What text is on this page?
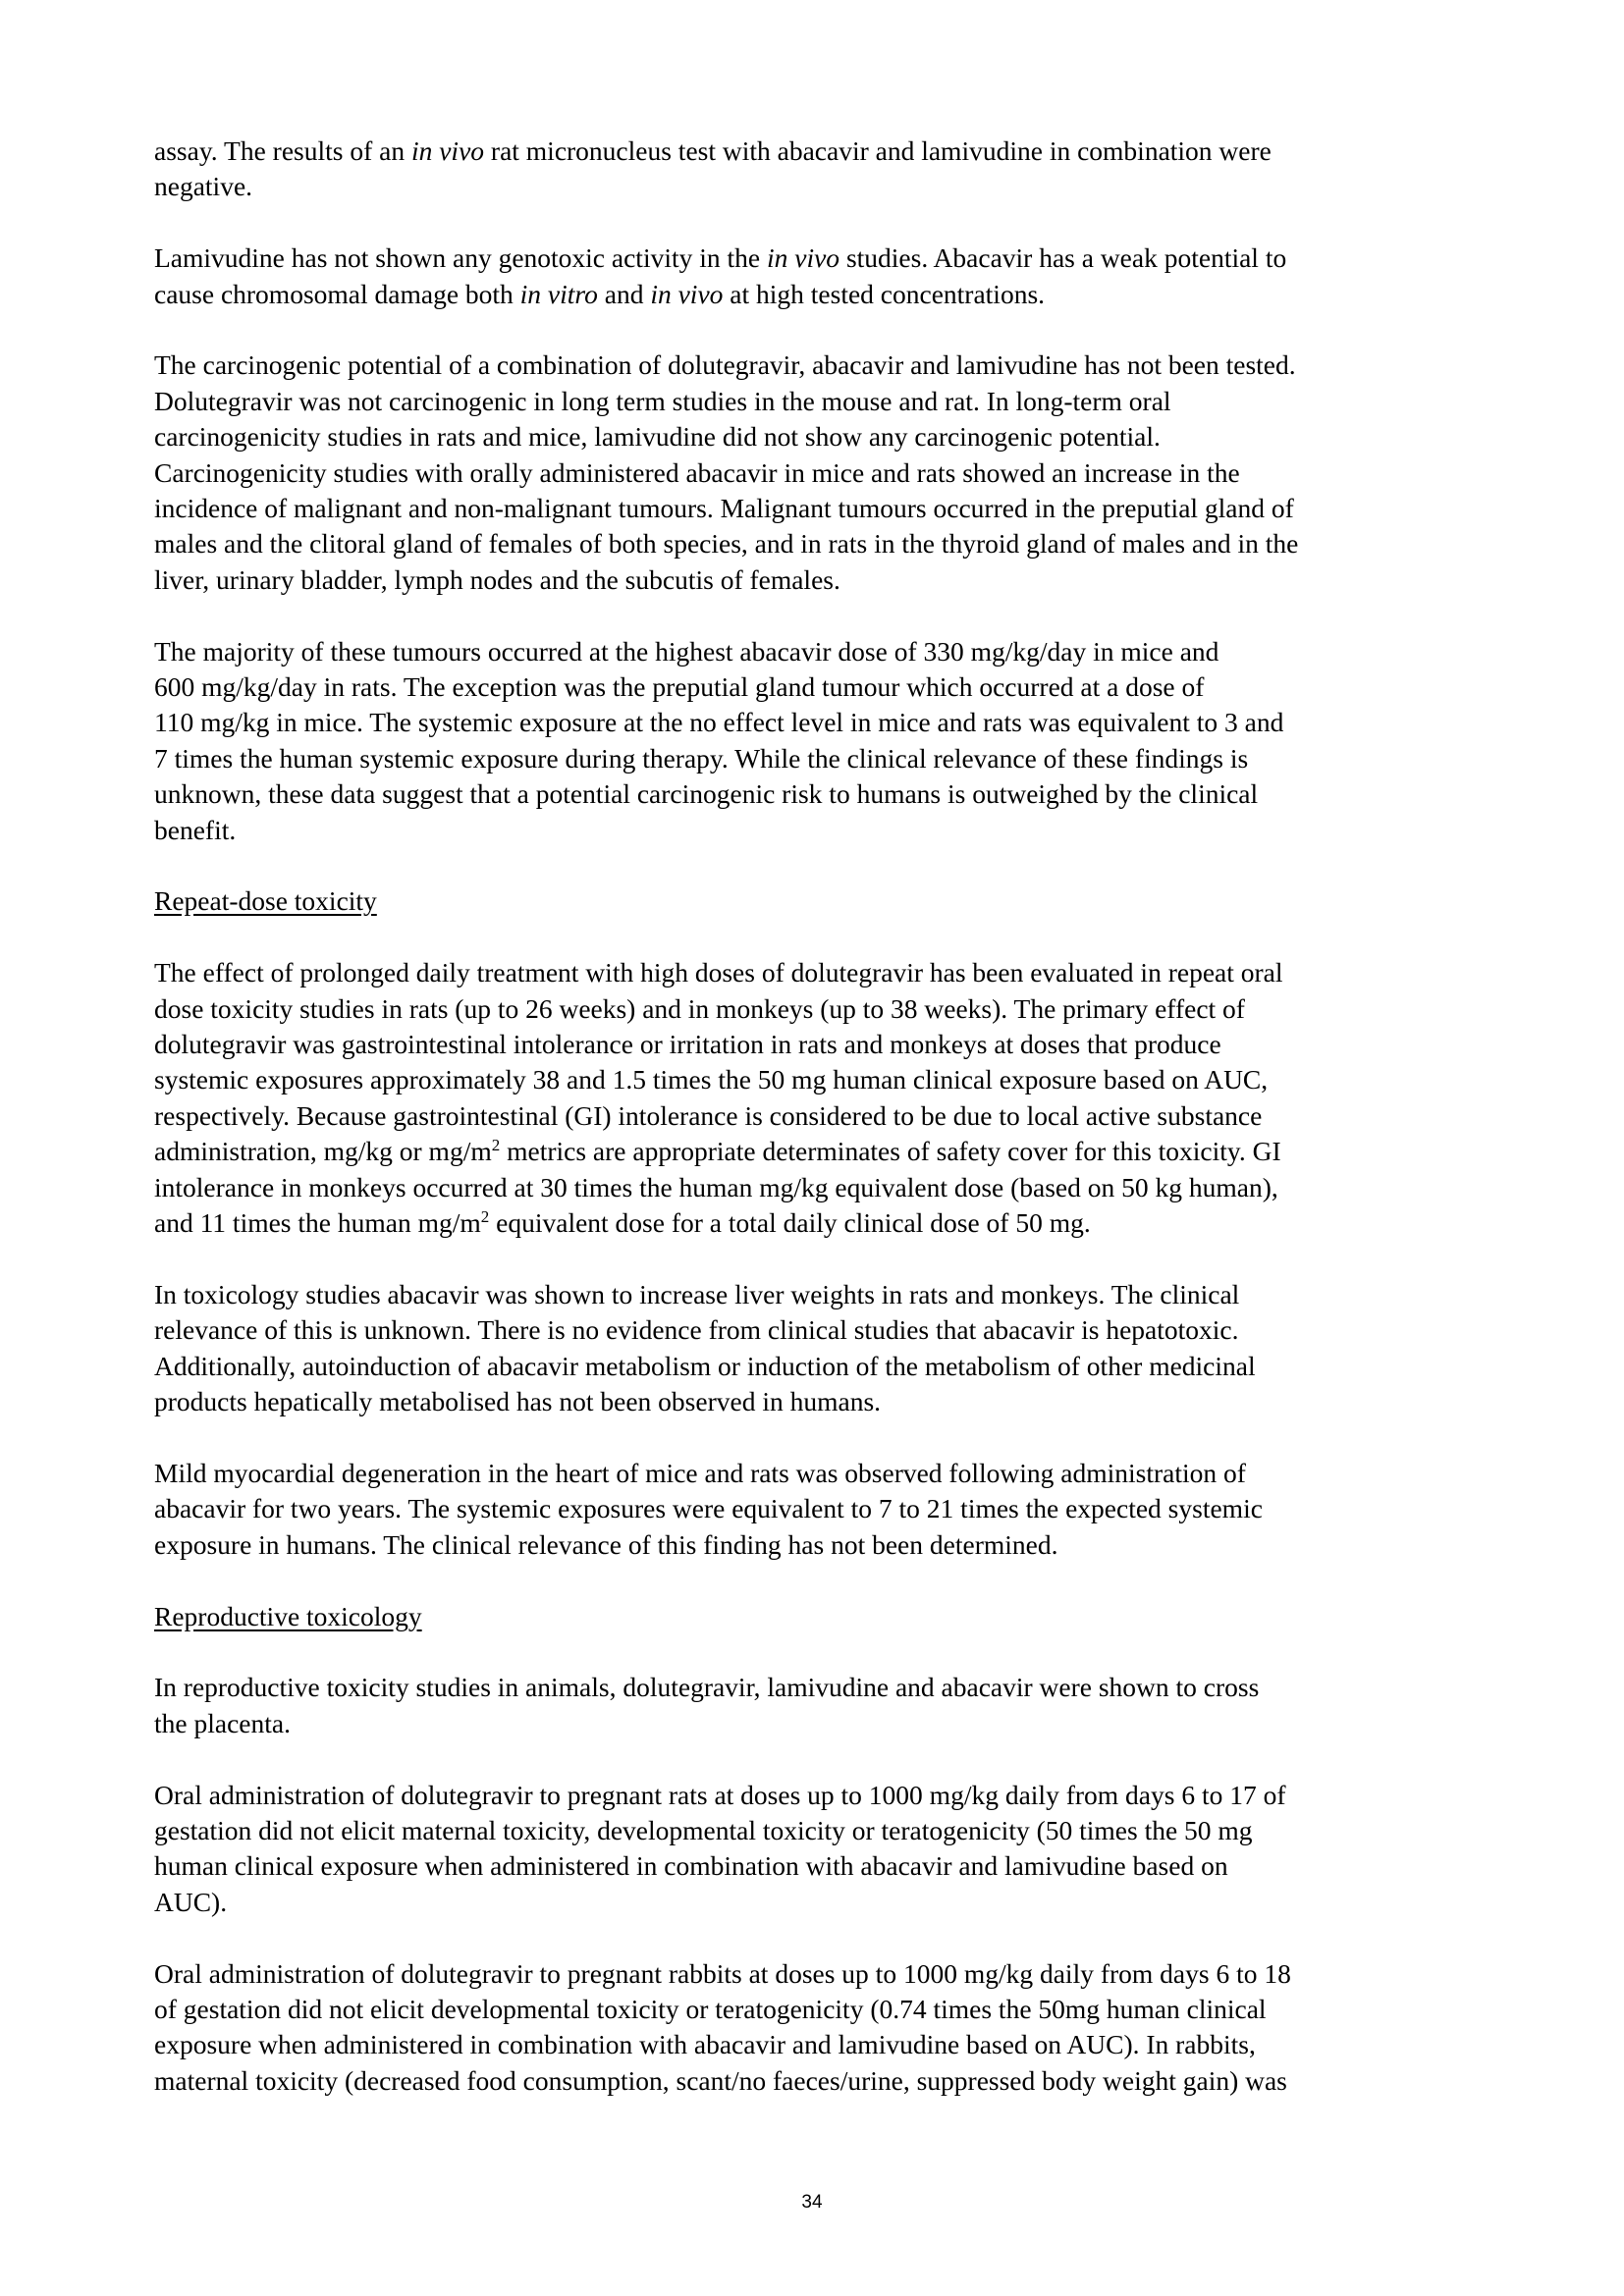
assay. The results of an in vivo rat micronucleus test with abacavir and lamivudine in combination were
negative.

Lamivudine has not shown any genotoxic activity in the in vivo studies. Abacavir has a weak potential to
cause chromosomal damage both in vitro and in vivo at high tested concentrations.

The carcinogenic potential of a combination of dolutegravir, abacavir and lamivudine has not been tested.
Dolutegravir was not carcinogenic in long term studies in the mouse and rat. In long-term oral
carcinogenicity studies in rats and mice, lamivudine did not show any carcinogenic potential.
Carcinogenicity studies with orally administered abacavir in mice and rats showed an increase in the
incidence of malignant and non-malignant tumours. Malignant tumours occurred in the preputial gland of
males and the clitoral gland of females of both species, and in rats in the thyroid gland of males and in the
liver, urinary bladder, lymph nodes and the subcutis of females.

The majority of these tumours occurred at the highest abacavir dose of 330 mg/kg/day in mice and
600 mg/kg/day in rats. The exception was the preputial gland tumour which occurred at a dose of
110 mg/kg in mice. The systemic exposure at the no effect level in mice and rats was equivalent to 3 and
7 times the human systemic exposure during therapy. While the clinical relevance of these findings is
unknown, these data suggest that a potential carcinogenic risk to humans is outweighed by the clinical
benefit.

Repeat-dose toxicity

The effect of prolonged daily treatment with high doses of dolutegravir has been evaluated in repeat oral
dose toxicity studies in rats (up to 26 weeks) and in monkeys (up to 38 weeks). The primary effect of
dolutegravir was gastrointestinal intolerance or irritation in rats and monkeys at doses that produce
systemic exposures approximately 38 and 1.5 times the 50 mg human clinical exposure based on AUC,
respectively. Because gastrointestinal (GI) intolerance is considered to be due to local active substance
administration, mg/kg or $mg/m^2$ metrics are appropriate determinates of safety cover for this toxicity. GI
intolerance in monkeys occurred at 30 times the human mg/kg equivalent dose (based on 50 kg human),
and 11 times the human $mg/m^2$ equivalent dose for a total daily clinical dose of 50 mg.

In toxicology studies abacavir was shown to increase liver weights in rats and monkeys. The clinical
relevance of this is unknown. There is no evidence from clinical studies that abacavir is hepatotoxic.
Additionally, autoinduction of abacavir metabolism or induction of the metabolism of other medicinal
products hepatically metabolised has not been observed in humans.

Mild myocardial degeneration in the heart of mice and rats was observed following administration of
abacavir for two years. The systemic exposures were equivalent to 7 to 21 times the expected systemic
exposure in humans. The clinical relevance of this finding has not been determined.

Reproductive toxicology

In reproductive toxicity studies in animals, dolutegravir, lamivudine and abacavir were shown to cross
the placenta.

Oral administration of dolutegravir to pregnant rats at doses up to 1000 mg/kg daily from days 6 to 17 of
gestation did not elicit maternal toxicity, developmental toxicity or teratogenicity (50 times the 50 mg
human clinical exposure when administered in combination with abacavir and lamivudine based on
AUC).

Oral administration of dolutegravir to pregnant rabbits at doses up to 1000 mg/kg daily from days 6 to 18
of gestation did not elicit developmental toxicity or teratogenicity (0.74 times the 50mg human clinical
exposure when administered in combination with abacavir and lamivudine based on AUC). In rabbits,
maternal toxicity (decreased food consumption, scant/no faeces/urine, suppressed body weight gain) was

34
